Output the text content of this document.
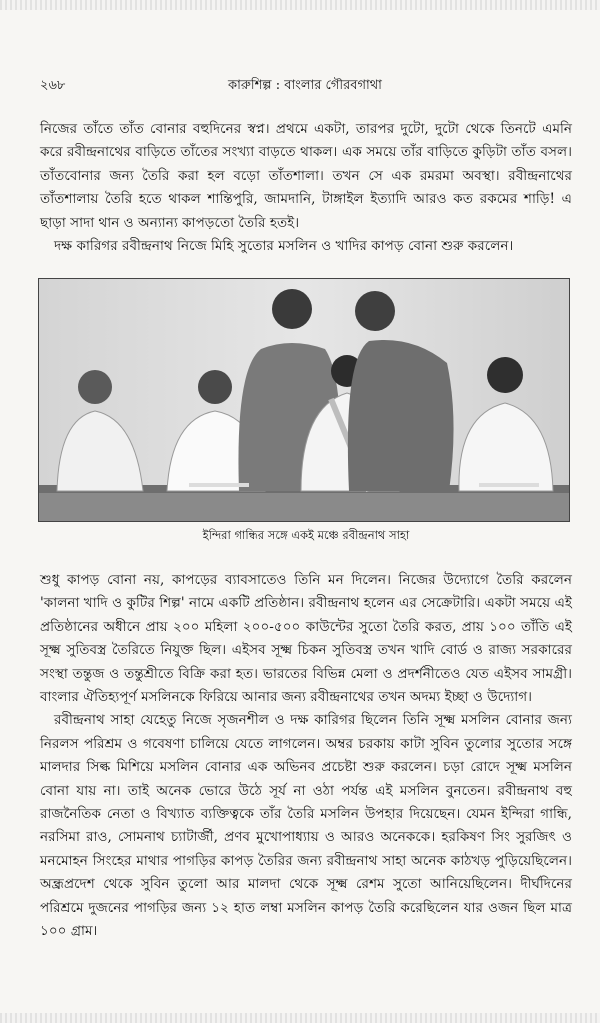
২৬৮	কারুশিল্প : বাংলার গৌরবগাথা

নিজের তাঁতে তাঁত বোনার বহুদিনের স্বপ্ন। প্রথমে একটা, তারপর দুটো, দুটো থেকে তিনটে এমনি করে রবীন্দ্রনাথের বাড়িতে তাঁতের সংখ্যা বাড়তে থাকল। এক সময়ে তাঁর বাড়িতে কুড়িটা তাঁত বসল। তাঁতবোনার জন্য তৈরি করা হল বড়ো তাঁতশালা। তখন সে এক রমরমা অবস্থা। রবীন্দ্রনাথের তাঁতশালায় তৈরি হতে থাকল শান্তিপুরি, জামদানি, টাঙ্গাইল ইত্যাদি আরও কত রকমের শাড়ি! এ ছাড়া সাদা থান ও অন্যান্য কাপড়তো তৈরি হতই।

দক্ষ কারিগর রবীন্দ্রনাথ নিজে মিহি সুতোর মসলিন ও খাদির কাপড় বোনা শুরু করলেন।

ইন্দিরা গান্ধির সঙ্গে একই মঞ্চে রবীন্দ্রনাথ সাহা

শুধু কাপড় বোনা নয়, কাপড়ের ব্যাবসাতেও তিনি মন দিলেন। নিজের উদ্যোগে তৈরি করলেন 'কালনা খাদি ও কুটির শিল্প' নামে একটি প্রতিষ্ঠান। রবীন্দ্রনাথ হলেন এর সেক্রেটারি। একটা সময়ে এই প্রতিষ্ঠানের অধীনে প্রায় ২০০ মহিলা ২০০-৫০০ কাউন্টের সুতো তৈরি করত, প্রায় ১০০ তাঁতি এই সূক্ষ্ম সুতিবস্ত্র তৈরিতে নিযুক্ত ছিল। এইসব সূক্ষ্ম চিকন সুতিবস্ত্র তখন খাদি বোর্ড ও রাজ্য সরকারের সংস্থা তন্তুজ ও তন্তুশ্রীতে বিক্রি করা হত। ভারতের বিভিন্ন মেলা ও প্রদর্শনীতেও যেত এইসব সামগ্রী। বাংলার ঐতিহ্যপূর্ণ মসলিনকে ফিরিয়ে আনার জন্য রবীন্দ্রনাথের তখন অদম্য ইচ্ছা ও উদ্যোগ।

রবীন্দ্রনাথ সাহা যেহেতু নিজে সৃজনশীল ও দক্ষ কারিগর ছিলেন তিনি সূক্ষ্ম মসলিন বোনার জন্য নিরলস পরিশ্রম ও গবেষণা চালিয়ে যেতে লাগলেন। অম্বর চরকায় কাটা সুবিন তুলোর সুতোর সঙ্গে মালদার সিল্ক মিশিয়ে মসলিন বোনার এক অভিনব প্রচেষ্টা শুরু করলেন। চড়া রোদে সূক্ষ্ম মসলিন বোনা যায় না। তাই অনেক ভোরে উঠে সূর্য না ওঠা পর্যন্ত এই মসলিন বুনতেন। রবীন্দ্রনাথ বহু রাজনৈতিক নেতা ও বিখ্যাত ব্যক্তিত্বকে তাঁর তৈরি মসলিন উপহার দিয়েছেন। যেমন ইন্দিরা গান্ধি, নরসিমা রাও, সোমনাথ চ্যাটার্জী, প্রণব মুখোপাধ্যায় ও আরও অনেককে। হরকিষণ সিং সুরজিৎ ও মনমোহন সিংহের মাথার পাগড়ির কাপড় তৈরির জন্য রবীন্দ্রনাথ সাহা অনেক কাঠখড় পুড়িয়েছিলেন। অন্ধ্রপ্রদেশ থেকে সুবিন তুলো আর মালদা থেকে সূক্ষ্ম রেশম সুতো আনিয়েছিলেন। দীর্ঘদিনের পরিশ্রমে দুজনের পাগড়ির জন্য ১২ হাত লম্বা মসলিন কাপড় তৈরি করেছিলেন যার ওজন ছিল মাত্র ১০০ গ্রাম।
